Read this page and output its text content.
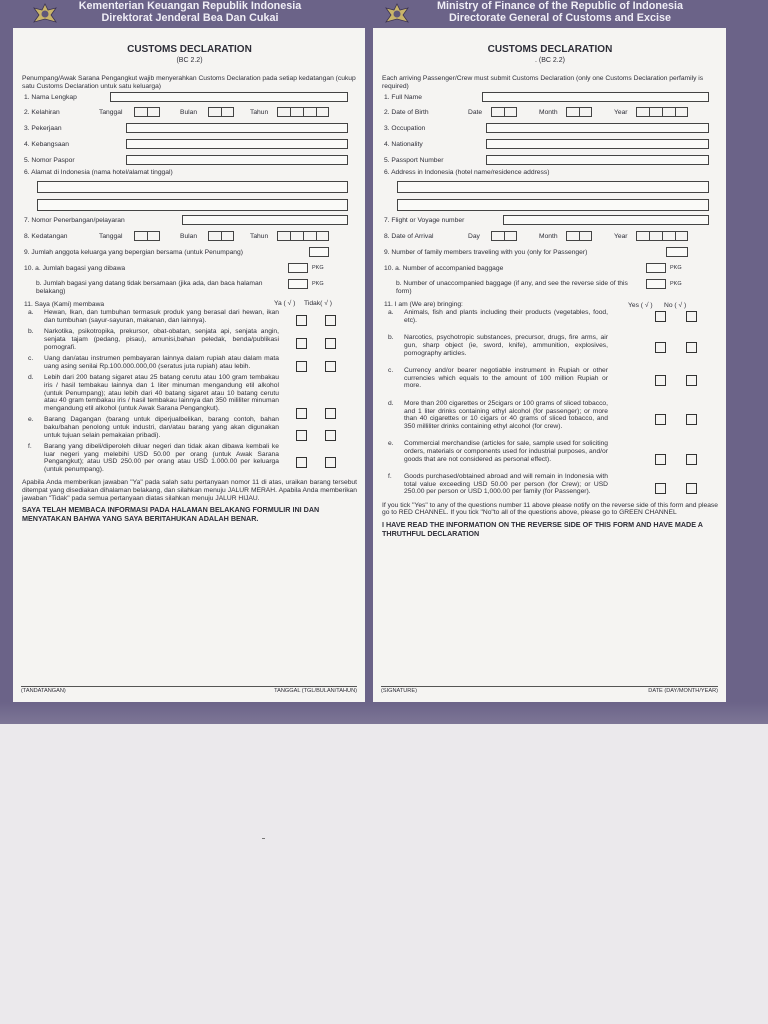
Kementerian Keuangan Republik Indonesia
Direktorat Jenderal Bea Dan Cukai
Ministry of Finance of the Republic of Indonesia
Directorate General of Customs and Excise
CUSTOMS DECLARATION
(BC 2.2)
Penumpang/Awak Sarana Pengangkut wajib menyerahkan Customs Declaration pada setiap kedatangan (cukup satu Customs Declaration untuk satu keluarga)
1. Nama Lengkap
2. Kelahiran	Tanggal	Bulan	Tahun
3. Pekerjaan
4. Kebangsaan
5. Nomor Paspor
6. Alamat di Indonesia (nama hotel/alamat tinggal)
7. Nomor Penerbangan/pelayaran
8. Kedatangan	Tanggal	Bulan	Tahun
9. Jumlah anggota keluarga yang bepergian bersama (untuk Penumpang)
10. a. Jumlah bagasi yang dibawa	PKG
b. Jumlah bagasi yang datang tidak bersamaan (jika ada, dan baca halaman belakang)
PKG
11. Saya (Kami) membawa	Ya ( √ ) Tidak( √ )
a. Hewan, Ikan, dan tumbuhan termasuk produk yang berasal dari hewan, ikan dan tumbuhan (sayur-sayuran, makanan, dan lainnya).
b. Narkotika, psikotropika, prekursor, obat-obatan, senjata api, senjata angin, senjata tajam (pedang, pisau), amunisi,bahan peledak, benda/publikasi pornografi.
c. Uang dan/atau instrumen pembayaran lainnya dalam rupiah atau dalam mata uang asing senilai Rp.100.000.000,00 (seratus juta rupiah) atau lebih.
d. Lebih dari 200 batang sigaret atau 25 batang cerutu atau 100 gram tembakau iris / hasil tembakau lainnya dan 1 liter minuman mengandung etil alkohol (untuk Penumpang); atau lebih dari 40 batang sigaret atau 10 batang cerutu atau 40 gram tembakau iris / hasil tembakau lainnya dan 350 mililiter minuman mengandung etil alkohol (untuk Awak Sarana Pengangkut).
e. Barang Dagangan (barang untuk diperjualbelikan, barang contoh, bahan baku/bahan penolong untuk industri, dan/atau barang yang akan digunakan untuk tujuan selain pemakaian pribadi).
f. Barang yang dibeli/diperoleh diluar negeri dan tidak akan dibawa kembali ke luar negeri yang melebihi USD 50.00 per orang (untuk Awak Sarana Pengangkut); atau USD 250.00 per orang atau USD 1.000.00 per keluarga (untuk penumpang).
Apabila Anda memberikan jawaban "Ya" pada salah satu pertanyaan nomor 11 di atas, uraikan barang tersebut ditempat yang disediakan dihalaman belakang, dan silahkan menuju JALUR MERAH. Apabila Anda memberikan jawaban "Tidak" pada semua pertanyaan diatas silahkan menuju JALUR HIJAU.
SAYA TELAH MEMBACA INFORMASI PADA HALAMAN BELAKANG FORMULIR INI DAN MENYATAKAN BAHWA YANG SAYA BERITAHUKAN ADALAH BENAR.
(TANDATANGAN)	TANGGAL (TGL/BULAN/TAHUN)
CUSTOMS DECLARATION
. (BC 2.2)
Each arriving Passenger/Crew must submit Customs Declaration (only one Customs Declaration perfamily is required)
1. Full Name
2. Date of Birth	Date	Month	Year
3. Occupation
4. Nationality
5. Passport Number
6. Address in Indonesia (hotel name/residence address)
7. Flight or Voyage number
8. Date of Arrival	Day	Month	Year
9. Number of family members traveling with you (only for Passenger)
10. a. Number of accompanied baggage	PKG
b. Number of unaccompanied baggage (if any, and see the reverse side of this form)
PKG
11. I am (We are) bringing:	Yes ( √ ) No ( √ )
a. Animals, fish and plants including their products (vegetables, food, etc).
b. Narcotics, psychotropic substances, precursor, drugs, fire arms, air gun, sharp object (ie, sword, knife), ammunition, explosives, pornography articles.
c. Currency and/or bearer negotiable instrument in Rupiah or other currencies which equals to the amount of 100 million Rupiah or more.
d. More than 200 cigarettes or 25cigars or 100 grams of sliced tobacco, and 1 liter drinks containing ethyl alcohol (for passenger); or more than 40 cigarettes or 10 cigars or 40 grams of sliced tobacco, and 350 milliliter drinks containing ethyl alcohol (for crew).
e. Commercial merchandise (articles for sale, sample used for soliciting orders, materials or components used for industrial purposes, and/or goods that are not considered as personal effect).
f. Goods purchased/obtained abroad and will remain in Indonesia with total value exceeding USD 50.00 per person (for Crew); or USD 250.00 per person or USD 1,000.00 per family (for Passenger).
If you tick "Yes" to any of the questions number 11 above please notify on the reverse side of this form and please go to RED CHANNEL. If you tick "No"to all of the questions above, please go to GREEN CHANNEL
I HAVE READ THE INFORMATION ON THE REVERSE SIDE OF THIS FORM AND HAVE MADE A THRUTHFUL DECLARATION
(SIGNATURE)	DATE (DAY/MONTH/YEAR)
